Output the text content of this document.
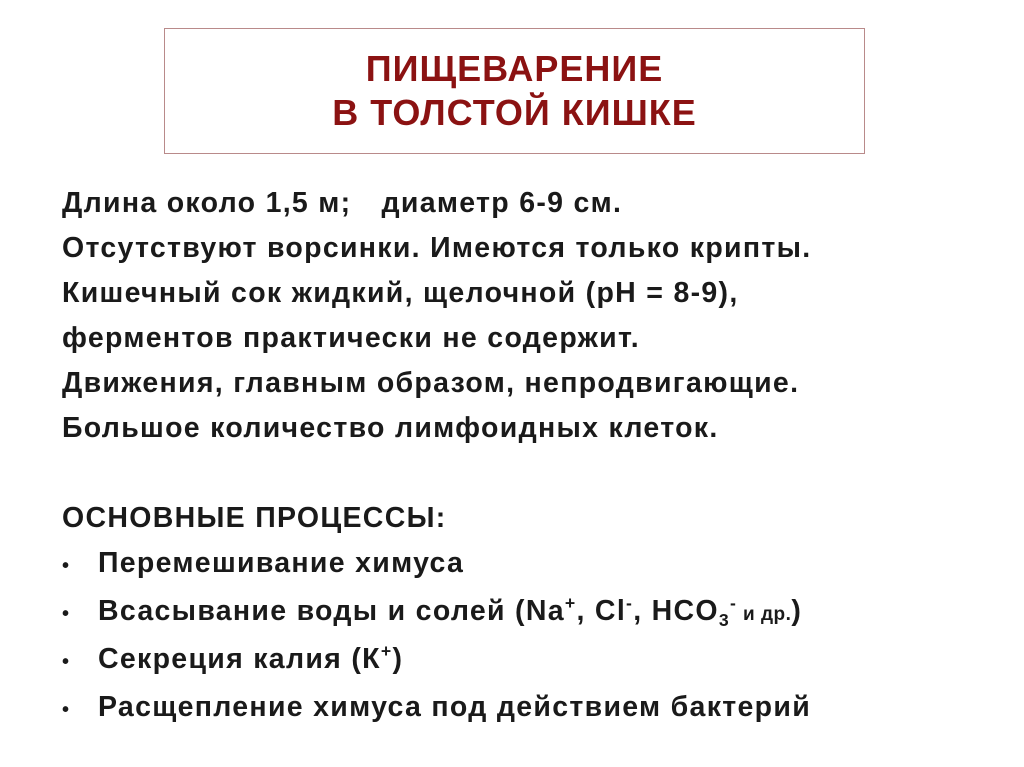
ПИЩЕВАРЕНИЕ
В ТОЛСТОЙ КИШКЕ
Длина около 1,5 м; диаметр 6-9 см.
Отсутствуют ворсинки. Имеются только крипты.
Кишечный сок жидкий, щелочной (рН = 8-9),
ферментов практически не содержит.
Движения, главным образом, непродвигающие.
Большое количество лимфоидных клеток.
ОСНОВНЫЕ ПРОЦЕССЫ:
• Перемешивание химуса
• Всасывание воды и солей (Na+, Cl-, $HCO_3^-$ и др.)
• Секреция калия (К+)
• Расщепление химуса под действием бактерий
